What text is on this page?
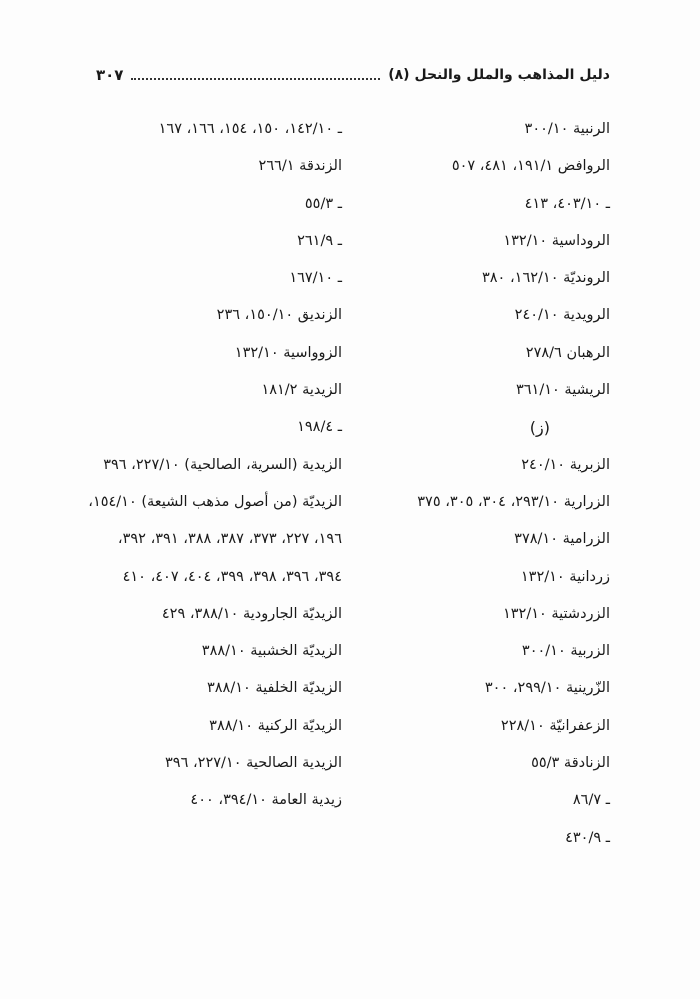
دليل المذاهب والملل والنحل (٨)
٣٠٧
الرنبية ٣٠٠/١٠
الروافض ١٩١/١، ٤٨١، ٥٠٧
ـ ٤٠٣/١٠، ٤١٣
الروداسية ١٣٢/١٠
الرونديّة ١٦٢/١٠، ٣٨٠
الرويدية ٢٤٠/١٠
الرهبان ٢٧٨/٦
الريشية ٣٦١/١٠
(ز)
الزبرية ٢٤٠/١٠
الزرارية ٢٩٣/١٠، ٣٠٤، ٣٠٥، ٣٧٥
الزرامية ٣٧٨/١٠
زردانية ١٣٢/١٠
الزردشتية ١٣٢/١٠
الزربية ٣٠٠/١٠
الزّرينية ٢٩٩/١٠، ٣٠٠
الزعفرانيّة ٢٢٨/١٠
الزنادقة ٥٥/٣
ـ ٨٦/٧
ـ ٤٣٠/٩
ـ ١٤٢/١٠، ١٥٠، ١٥٤، ١٦٦، ١٦٧
الزندقة ٢٦٦/١
ـ ٥٥/٣
ـ ٢٦١/٩
ـ ١٦٧/١٠
الزنديق ١٥٠/١٠، ٢٣٦
الزوواسية ١٣٢/١٠
الزيدية ١٨١/٢
ـ ١٩٨/٤
الزيدية (السرية، الصالحية) ٢٢٧/١٠، ٣٩٦
الزيديّة (من أصول مذهب الشيعة) ١٥٤/١٠،
١٩٦، ٢٢٧، ٣٧٣، ٣٨٧، ٣٨٨، ٣٩١، ٣٩٢،
٣٩٤، ٣٩٦، ٣٩٨، ٣٩٩، ٤٠٤، ٤٠٧، ٤١٠
الزيديّة الجارودية ٣٨٨/١٠، ٤٢٩
الزيديّة الخشبية ٣٨٨/١٠
الزيديّة الخلفية ٣٨٨/١٠
الزيديّة الركنية ٣٨٨/١٠
الزيدية الصالحية ٢٢٧/١٠، ٣٩٦
زيدية العامة ٣٩٤/١٠، ٤٠٠
